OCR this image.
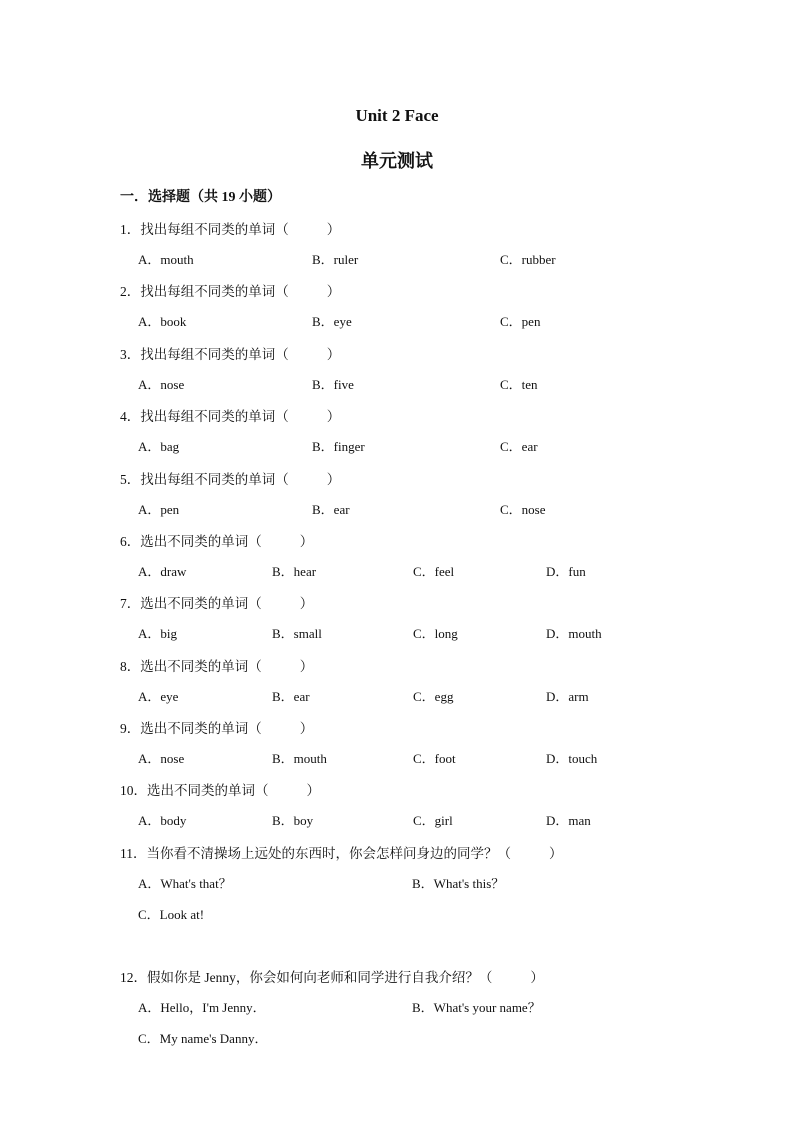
Unit 2 Face
单元测试
一．选择题（共 19 小题）
1．找出每组不同类的单词（	）
A．mouth	B．ruler	C．rubber
2．找出每组不同类的单词（	）
A．book	B．eye	C．pen
3．找出每组不同类的单词（	）
A．nose	B．five	C．ten
4．找出每组不同类的单词（	）
A．bag	B．finger	C．ear
5．找出每组不同类的单词（	）
A．pen	B．ear	C．nose
6．选出不同类的单词（	）
A．draw	B．hear	C．feel	D．fun
7．选出不同类的单词（	）
A．big	B．small	C．long	D．mouth
8．选出不同类的单词（	）
A．eye	B．ear	C．egg	D．arm
9．选出不同类的单词（	）
A．nose	B．mouth	C．foot	D．touch
10．选出不同类的单词（	）
A．body	B．boy	C．girl	D．man
11．当你看不清操场上远处的东西时，你会怎样问身边的同学？（	）
A．What's that？	B．What's this？
C．Look at!
12．假如你是 Jenny，你会如何向老师和同学进行自我介绍？（	）
A．Hello，I'm Jenny．	B．What's your name？
C．My name's Danny．
